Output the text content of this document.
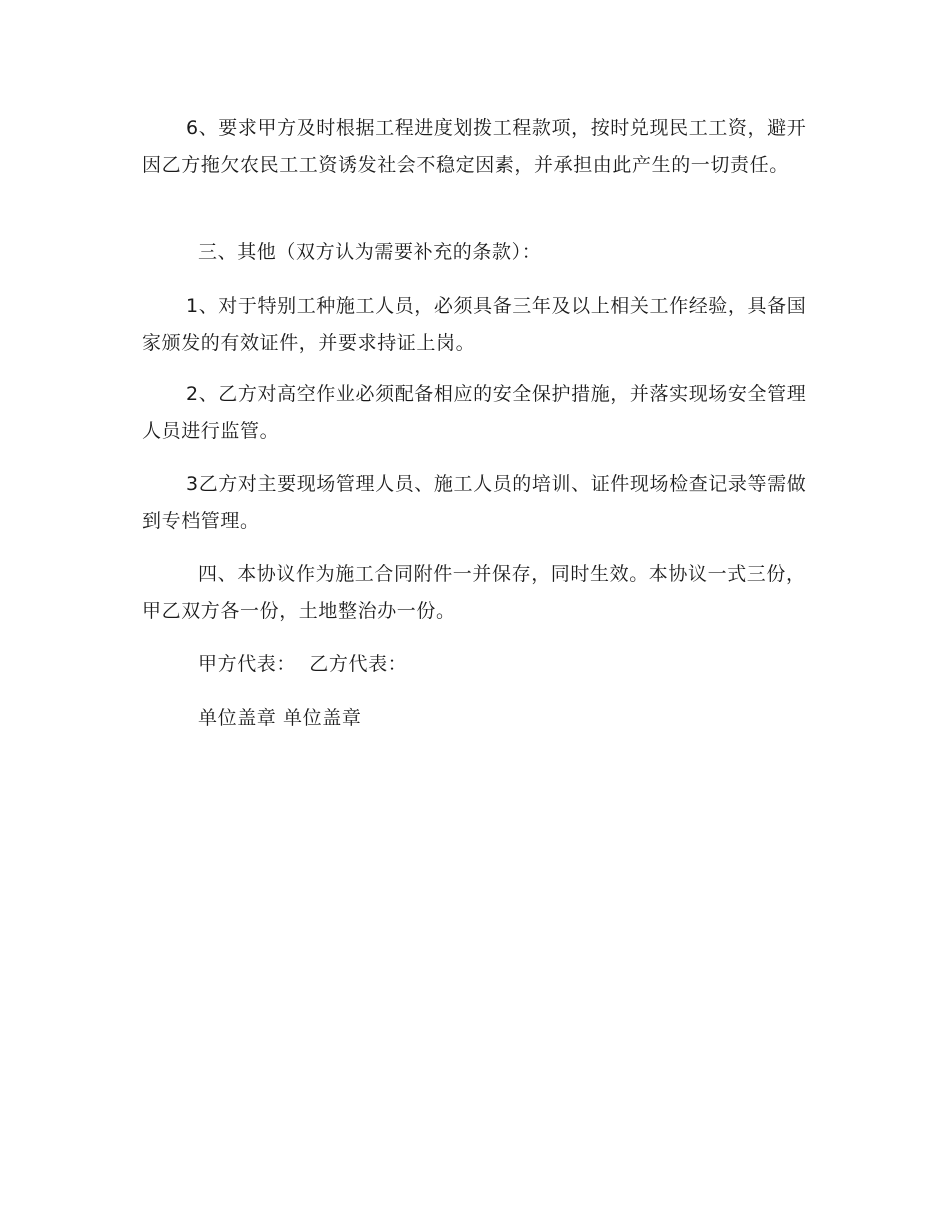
6、要求甲方及时根据工程进度划拨工程款项，按时兑现民工工资，避开因乙方拖欠农民工工资诱发社会不稳定因素，并承担由此产生的一切责任。

三、其他（双方认为需要补充的条款）：

1、对于特别工种施工人员，必须具备三年及以上相关工作经验，具备国家颁发的有效证件，并要求持证上岗。

2、乙方对高空作业必须配备相应的安全保护措施，并落实现场安全管理人员进行监管。

3乙方对主要现场管理人员、施工人员的培训、证件现场检查记录等需做到专档管理。

四、本协议作为施工合同附件一并保存，同时生效。本协议一式三份，甲乙双方各一份，土地整治办一份。

甲方代表：  乙方代表：

单位盖章 单位盖章
